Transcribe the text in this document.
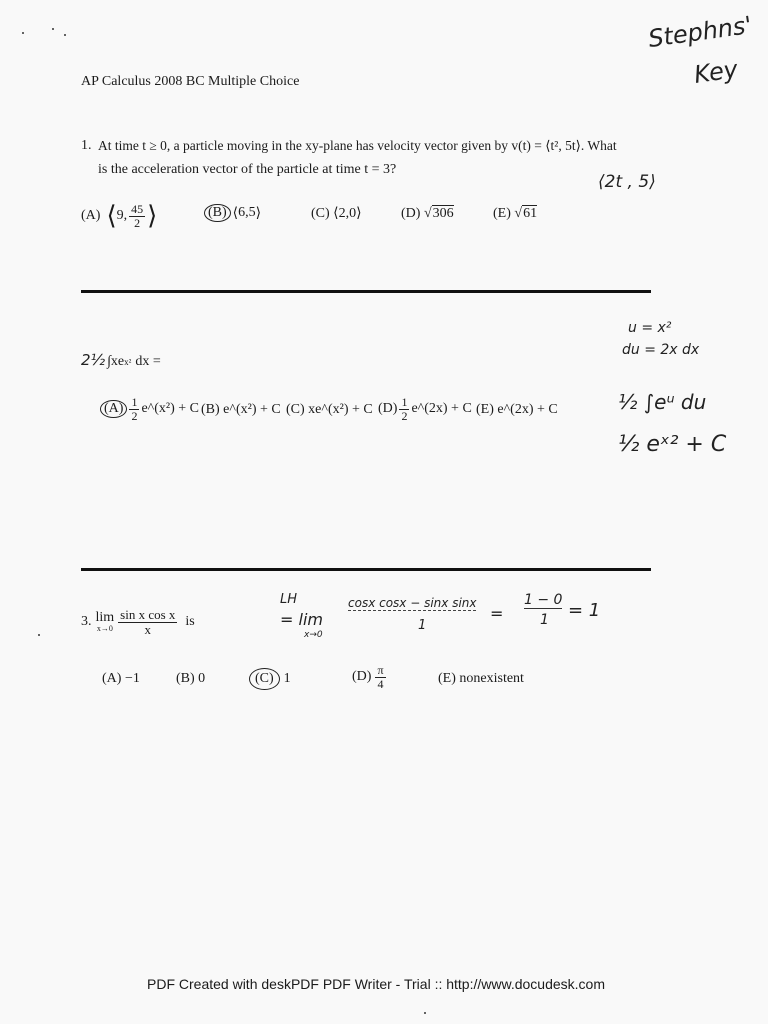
AP Calculus 2008 BC Multiple Choice
Stephns'
Key
1. At time t ≥ 0, a particle moving in the xy-plane has velocity vector given by v(t) = ⟨t², 5t⟩. What
is the acceleration vector of the particle at time t = 3?
⟨2t , 5⟩
(A) ⟨ 9, $\frac{45}{2}$ ⟩	(B) ⟨ 6,5 ⟩	(C) ⟨2,0⟩	(D) √306	(E) √61
2½ ∫xe x² dx =
u = x²
du = 2x dx
½ ∫eᵘ du
½ eˣ² + C
$(A) \frac{1}{2}$ e^(x²) + C (B) e^(x²) + C (C) xe^(x²) + C $(D) \frac{1}{2}$ e^(2x) + C (E) e^(2x) + C
3. lim
$x\to 0 \frac{\text{sin x cos x}}{x}$ is
LH
= lim
x→0
cosx cosx − sinx sinx
1
=
1 − 0
1 = 1
(A) −1	(B) 0	(C) 1	$(D) \frac{\pi}{4}$	(E) nonexistent
PDF Created with deskPDF PDF Writer - Trial :: http://www.docudesk.com
